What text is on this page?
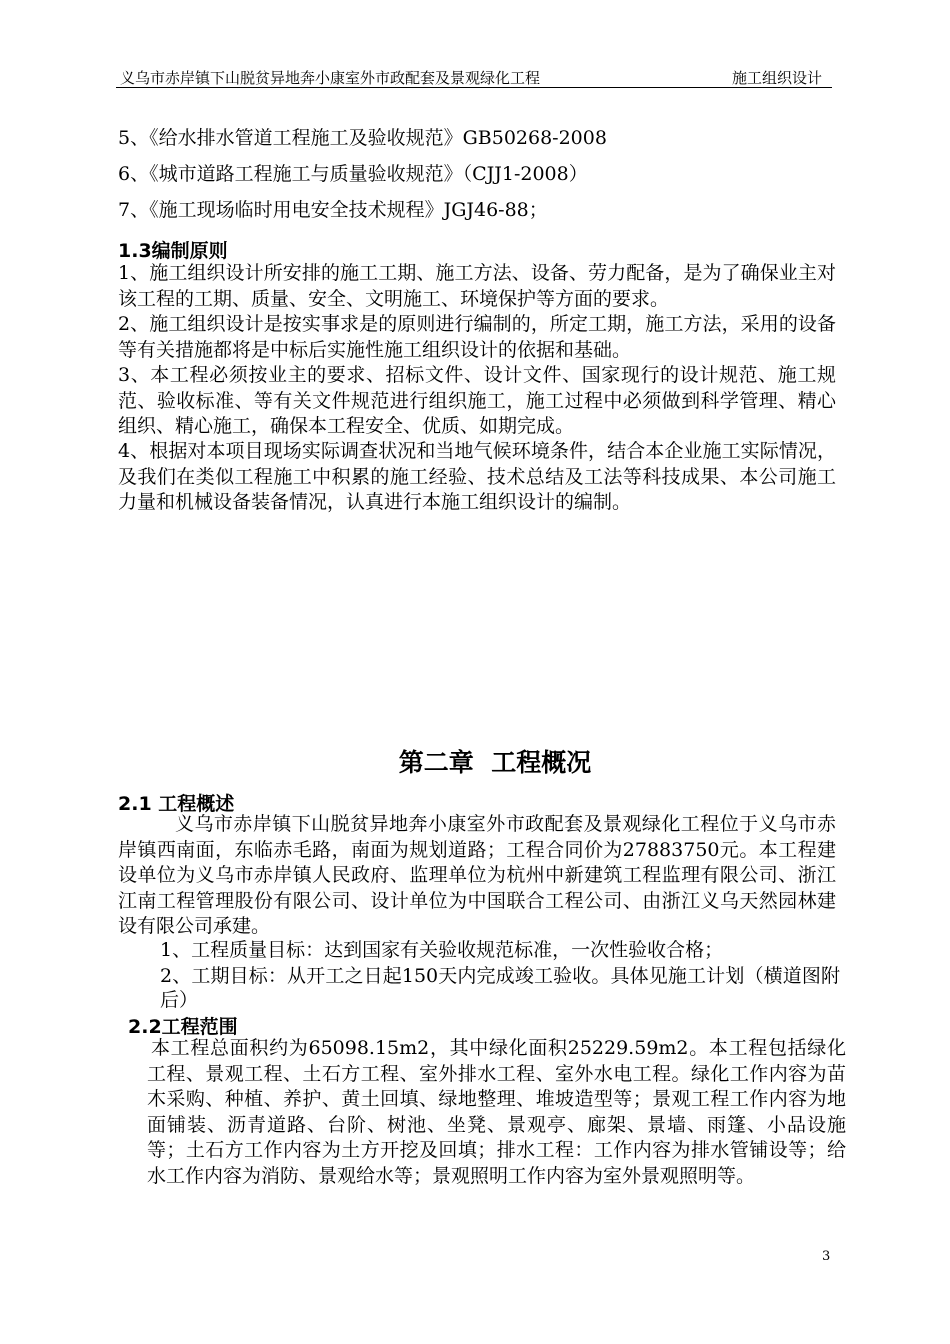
义乌市赤岸镇下山脱贫异地奔小康室外市政配套及景观绿化工程	施工组织设计
5、《给水排水管道工程施工及验收规范》GB50268-2008
6、《城市道路工程施工与质量验收规范》（CJJ1-2008）
7、《施工现场临时用电安全技术规程》JGJ46-88；
1.3编制原则
1、施工组织设计所安排的施工工期、施工方法、设备、劳力配备，是为了确保业主对该工程的工期、质量、安全、文明施工、环境保护等方面的要求。
2、施工组织设计是按实事求是的原则进行编制的，所定工期，施工方法，采用的设备等有关措施都将是中标后实施性施工组织设计的依据和基础。
3、本工程必须按业主的要求、招标文件、设计文件、国家现行的设计规范、施工规范、验收标准、等有关文件规范进行组织施工，施工过程中必须做到科学管理、精心组织、精心施工，确保本工程安全、优质、如期完成。
4、根据对本项目现场实际调查状况和当地气候环境条件，结合本企业施工实际情况，及我们在类似工程施工中积累的施工经验、技术总结及工法等科技成果、本公司施工力量和机械设备装备情况，认真进行本施工组织设计的编制。
第二章  工程概况
2.1 工程概述
义乌市赤岸镇下山脱贫异地奔小康室外市政配套及景观绿化工程位于义乌市赤岸镇西南面，东临赤毛路，南面为规划道路；工程合同价为27883750元。本工程建设单位为义乌市赤岸镇人民政府、监理单位为杭州中新建筑工程监理有限公司、浙江江南工程管理股份有限公司、设计单位为中国联合工程公司、由浙江义乌天然园林建设有限公司承建。
1、工程质量目标：达到国家有关验收规范标准，一次性验收合格；
2、工期目标：从开工之日起150天内完成竣工验收。具体见施工计划（横道图附后）
2.2工程范围
本工程总面积约为65098.15m2，其中绿化面积25229.59m2。本工程包括绿化工程、景观工程、土石方工程、室外排水工程、室外水电工程。绿化工作内容为苗木采购、种植、养护、黄土回填、绿地整理、堆坡造型等；景观工程工作内容为地面铺装、沥青道路、台阶、树池、坐凳、景观亭、廊架、景墙、雨篷、小品设施等；土石方工作内容为土方开挖及回填；排水工程：工作内容为排水管铺设等；给水工作内容为消防、景观给水等；景观照明工作内容为室外景观照明等。
3
